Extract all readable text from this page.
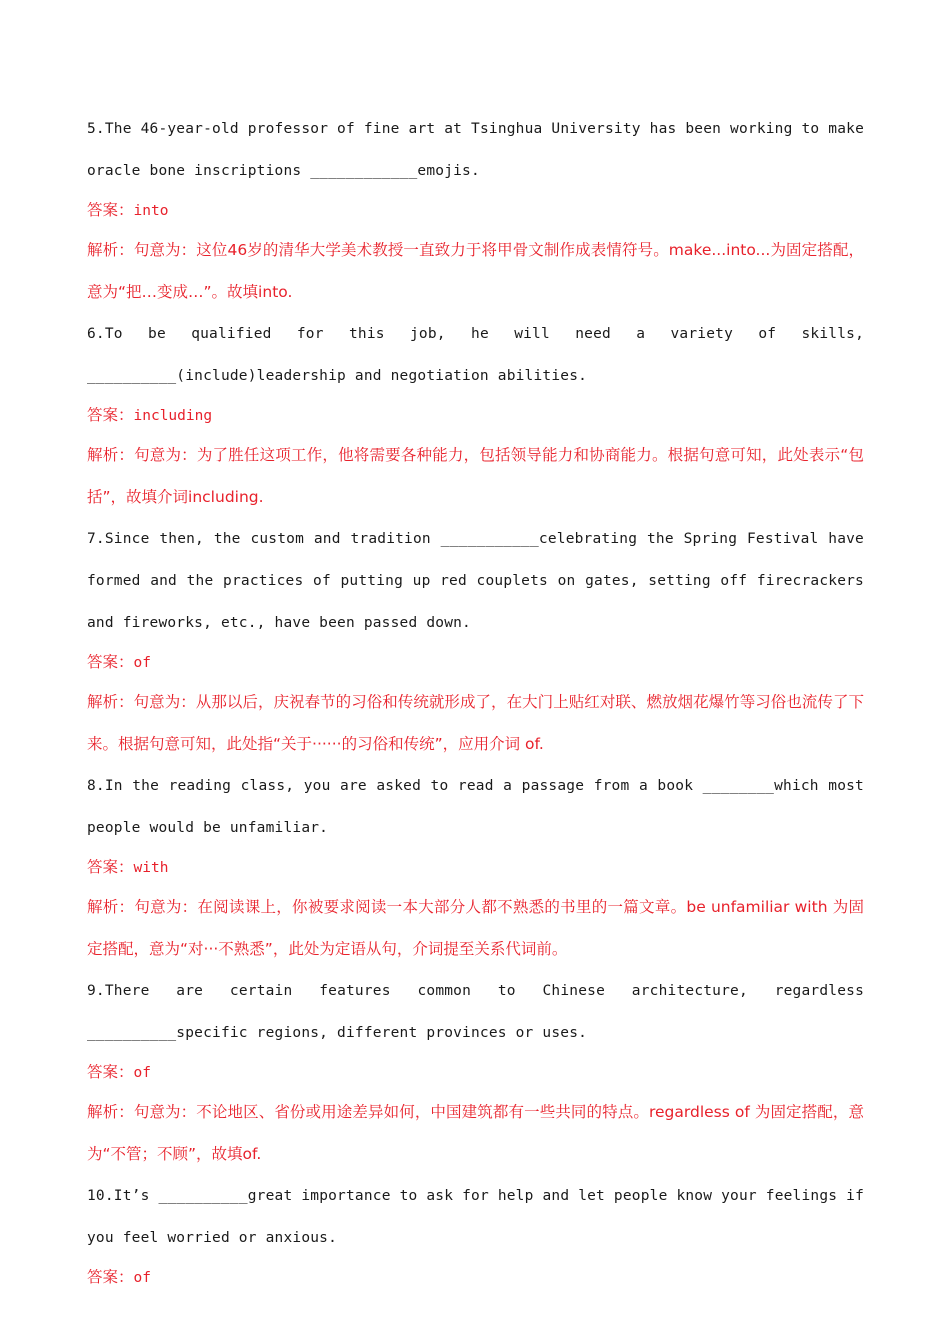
5.The 46-year-old professor of fine art at Tsinghua University has been working to make oracle bone inscriptions ____________emojis.
答案：into
解析：句意为：这位46岁的清华大学美术教授一直致力于将甲骨文制作成表情符号。make...into...为固定搭配，意为“把…变成…”。故填into.
6.To be qualified for this job, he will need a variety of skills, __________(include)leadership and negotiation abilities.
答案：including
解析：句意为：为了胜任这项工作，他将需要各种能力，包括领导能力和协商能力。根据句意可知，此处表示“包括”，故填介词including.
7.Since then, the custom and tradition ___________celebrating the Spring Festival have formed and the practices of putting up red couplets on gates, setting off firecrackers and fireworks, etc., have been passed down.
答案：of
解析：句意为：从那以后，庆祝春节的习俗和传统就形成了，在大门上贴红对联、燃放烟花爆竹等习俗也流传了下来。根据句意可知，此处指“关于······的习俗和传统”，应用介词 of.
8.In the reading class, you are asked to read a passage from a book ________which most people would be unfamiliar.
答案：with
解析：句意为：在阅读课上，你被要求阅读一本大部分人都不熟悉的书里的一篇文章。be unfamiliar with 为固定搭配，意为“对···不熟悉”，此处为定语从句，介词提至关系代词前。
9.There are certain features common to Chinese architecture, regardless __________specific regions, different provinces or uses.
答案：of
解析：句意为：不论地区、省份或用途差异如何，中国建筑都有一些共同的特点。regardless of 为固定搭配，意为“不管；不顾”，故填of.
10.It’s __________great importance to ask for help and let people know your feelings if you feel worried or anxious.
答案：of
